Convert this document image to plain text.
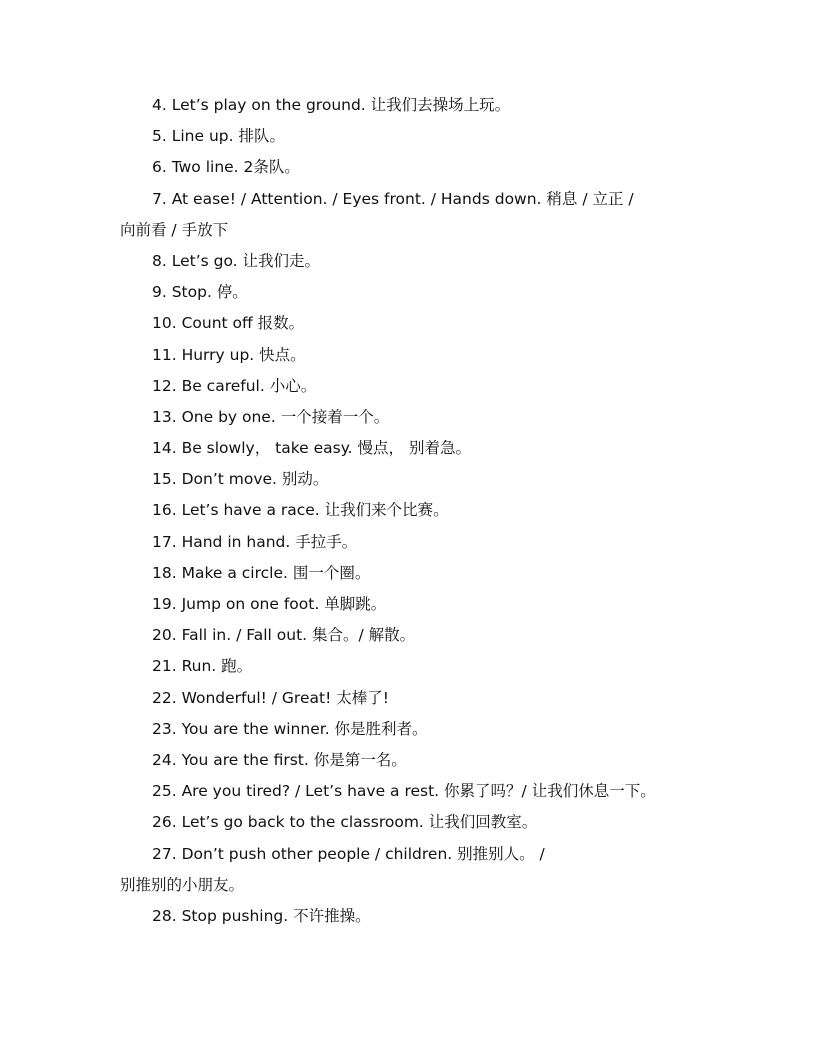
4. Let’s play on the ground. 让我们去操场上玩。
5. Line up. 排队。
6. Two line. 2条队。
7. At ease! / Attention. / Eyes front. / Hands down. 稍息 / 立正 /
向前看 / 手放下
8. Let’s go. 让我们走。
9. Stop. 停。
10. Count off 报数。
11. Hurry up. 快点。
12. Be careful. 小心。
13. One by one. 一个接着一个。
14. Be slowly， take easy. 慢点， 别着急。
15. Don’t move. 别动。
16. Let’s have a race. 让我们来个比赛。
17. Hand in hand. 手拉手。
18. Make a circle. 围一个圈。
19. Jump on one foot. 单脚跳。
20. Fall in. / Fall out. 集合。/ 解散。
21. Run. 跑。
22. Wonderful! / Great! 太棒了!
23. You are the winner. 你是胜利者。
24. You are the first. 你是第一名。
25. Are you tired? / Let’s have a rest. 你累了吗？/ 让我们休息一下。
26. Let’s go back to the classroom. 让我们回教室。
27. Don’t push other people / children. 别推别人。 /
别推别的小朋友。
28. Stop pushing. 不许推操。
